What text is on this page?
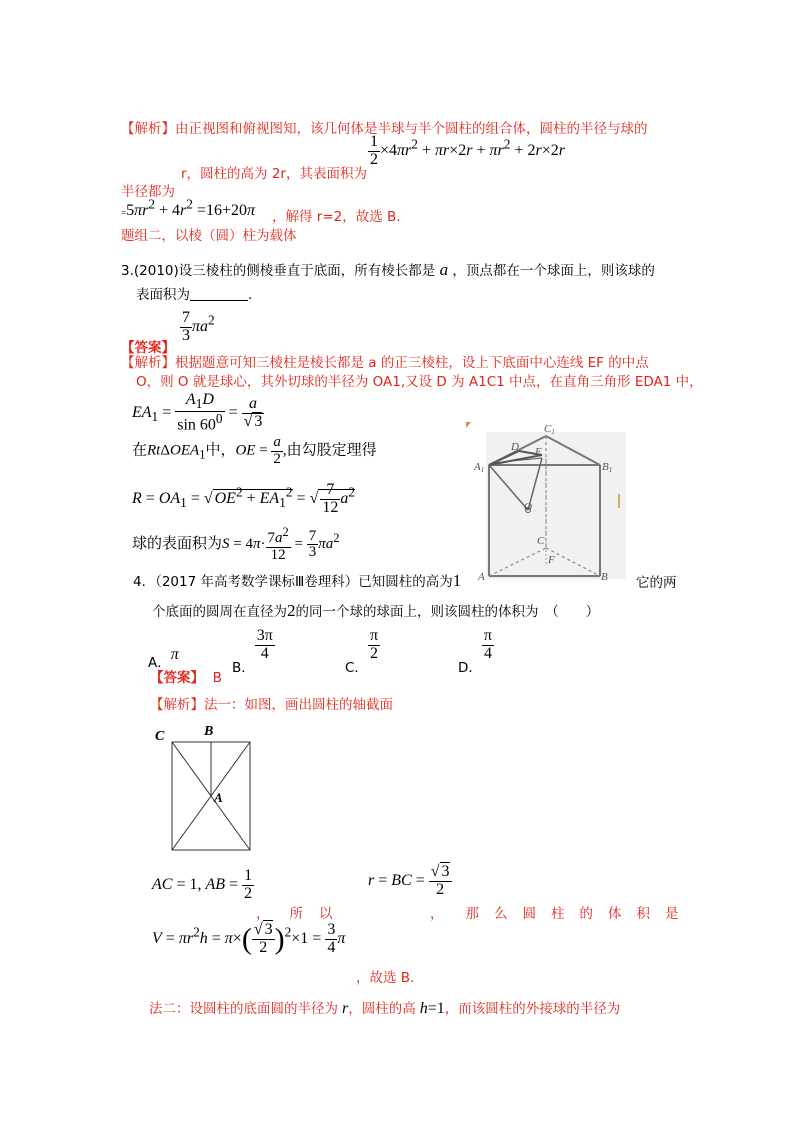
【解析】由正视图和俯视图知，该几何体是半球与半个圆柱的组合体，圆柱的半径与球的
$\frac{1}{2} \times 4\pi r^2 + \pi r\times 2r + \pi r^2 + 2r\times 2r$
r，圆柱的高为 2r，其表面积为
半径都为
$=5\pi r^2 + 4r^2 =16+20\pi$ ，解得 r=2，故选 B.
题组二，以棱（圆）柱为载体
3.(2010)设三棱柱的侧棱垂直于底面，所有棱长都是 a ，顶点都在一个球面上，则该球的
表面积为	.
$\frac{7}{3} \pi a^2$
【答案】
【解析】根据题意可知三棱柱是棱长都是 a 的正三棱柱，设上下底面中心连线 EF 的中点
O，则 O 就是球心，其外切球的半径为 OA1,又设 D 为 A1C1 中点，在直角三角形 EDA1 中，
$EA_1 = \frac{A_1D}{\sin 60^0} = \frac{a}{√ 3}$
在RtΔOEA$_1$中，OE = $\frac{a}{2}$ ,由勾股定理得
$R = OA_1$ = √ $OE^2 + EA_1^2$ = √ $\frac{7}{12} a^2$
球的表面积为$S = 4\pi\cdot \frac{7a^2}{12} = \frac{7}{3} \pi a^2$
C1
B1
A1
D E
O
C
F
A	B
4．（2017 年高考数学课标Ⅲ卷理科）已知圆柱的高为1	它的两
个底面的圆周在直径为2的同一个球的球面上，则该圆柱的体积为　（　　）
A．π
B．
$\frac{3\pi}{4}$
C．
$\frac{\pi}{2}$
D．
$\frac{\pi}{4}$
【答案】 B
【解析】法一：如图，画出圆柱的轴截面
C	B
A
AC = 1, AB = $\frac{1}{2}$
， 所 以
r = BC = $\frac{√ 3}{2}$
， 那 么 圆 柱 的 体 积 是
$V = \pi r^2h = \pi\times( \frac{√ 3}{2} )^2\times 1 = \frac{3}{4}$ π
，故选 B.
法二：设圆柱的底面圆的半径为 r，圆柱的高 h=1，而该圆柱的外接球的半径为
